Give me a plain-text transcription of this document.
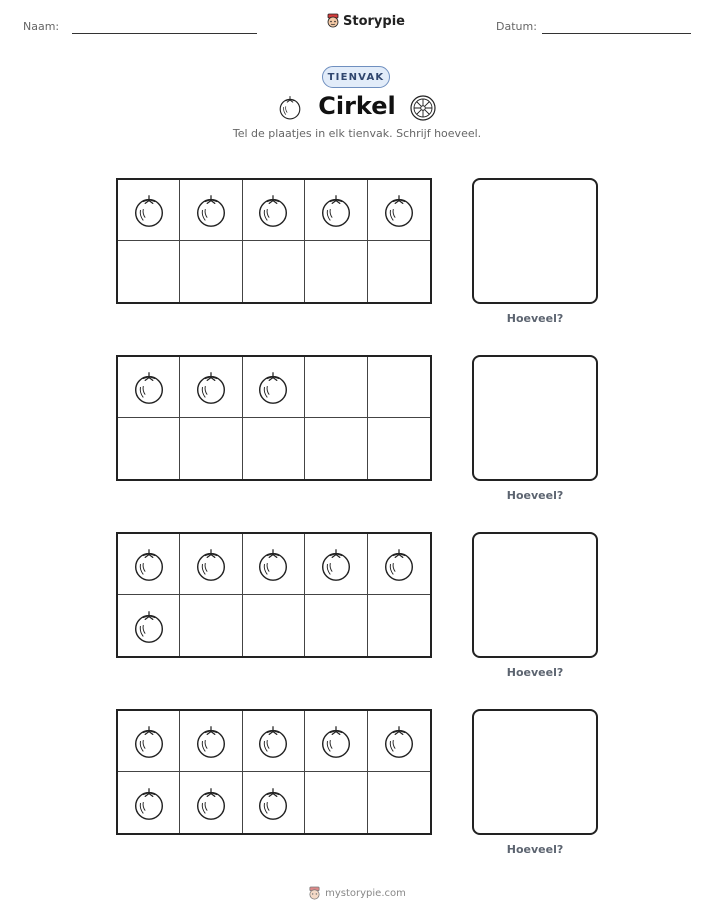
Naam:	Storypie	Datum:
TIENVAK
Cirkel
Tel de plaatjes in elk tienvak. Schrijf hoeveel.
Hoeveel?
Hoeveel?
Hoeveel?
Hoeveel?
mystorypie.com
